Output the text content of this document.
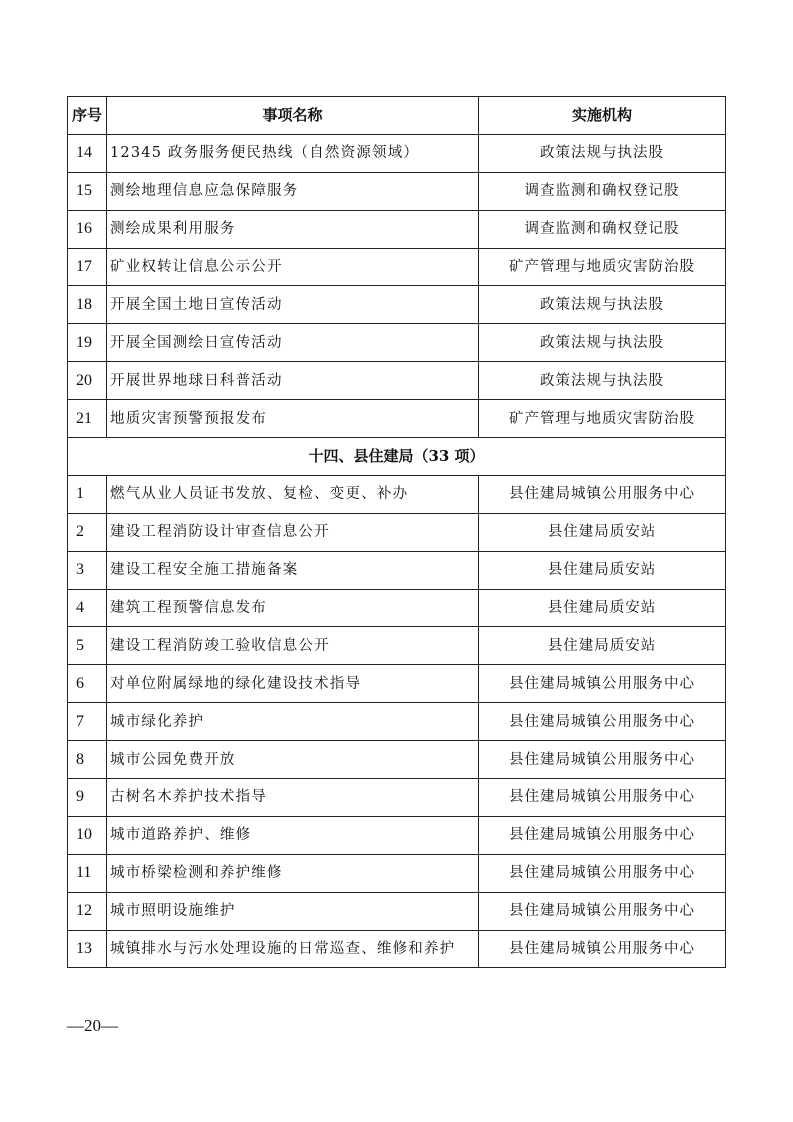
序号	事项名称	实施机构
14	12345 政务服务便民热线（自然资源领域）	政策法规与执法股
15	测绘地理信息应急保障服务	调查监测和确权登记股
16	测绘成果利用服务	调查监测和确权登记股
17	矿业权转让信息公示公开	矿产管理与地质灾害防治股
18	开展全国土地日宣传活动	政策法规与执法股
19	开展全国测绘日宣传活动	政策法规与执法股
20	开展世界地球日科普活动	政策法规与执法股
21	地质灾害预警预报发布	矿产管理与地质灾害防治股
十四、县住建局（33 项）		
1	燃气从业人员证书发放、复检、变更、补办	县住建局城镇公用服务中心
2	建设工程消防设计审查信息公开	县住建局质安站
3	建设工程安全施工措施备案	县住建局质安站
4	建筑工程预警信息发布	县住建局质安站
5	建设工程消防竣工验收信息公开	县住建局质安站
6	对单位附属绿地的绿化建设技术指导	县住建局城镇公用服务中心
7	城市绿化养护	县住建局城镇公用服务中心
8	城市公园免费开放	县住建局城镇公用服务中心
9	古树名木养护技术指导	县住建局城镇公用服务中心
10	城市道路养护、维修	县住建局城镇公用服务中心
11	城市桥梁检测和养护维修	县住建局城镇公用服务中心
12	城市照明设施维护	县住建局城镇公用服务中心
13	城镇排水与污水处理设施的日常巡查、维修和养护	县住建局城镇公用服务中心
—20—
